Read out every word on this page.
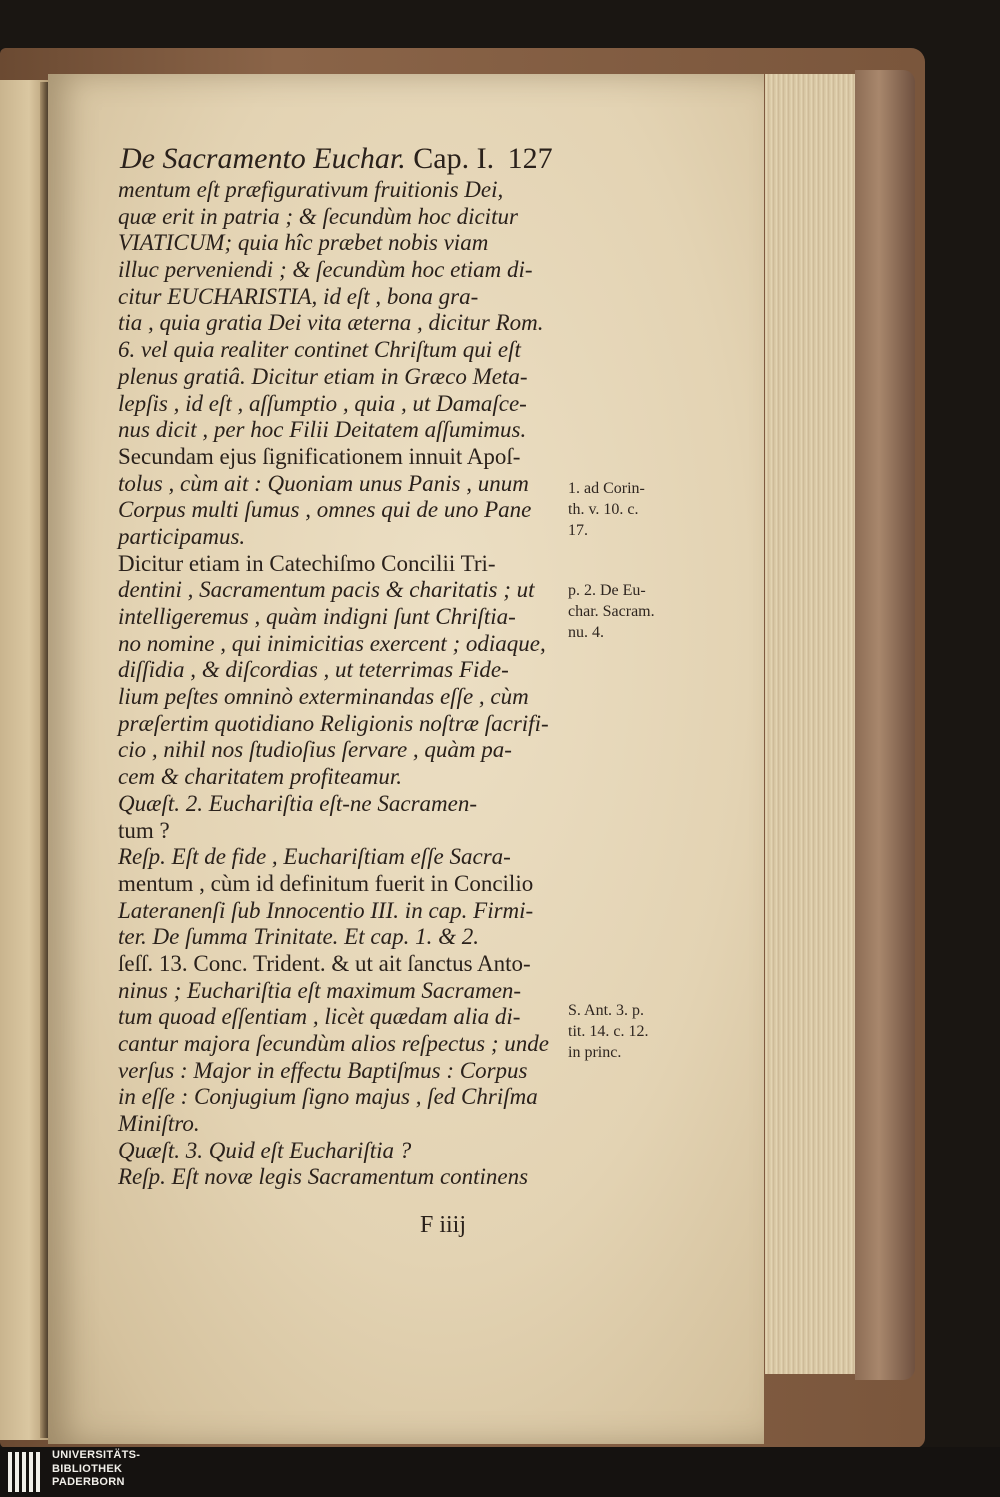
De Sacramento Euchar. Cap. I. 127
mentum eſt præfigurativum fruitionis Dei,
quæ erit in patria ; & ſecundùm hoc dicitur
VIATICUM; quia hîc præbet nobis viam
illuc perveniendi ; & ſecundùm hoc etiam di-
citur EUCHARISTIA, id eſt , bona gra-
tia , quia gratia Dei vita æterna , dicitur Rom.
6. vel quia realiter continet Chriſtum qui eſt
plenus gratiâ. Dicitur etiam in Græco Meta-
lepſis , id eſt , aſſumptio , quia , ut Damaſce-
nus dicit , per hoc Filii Deitatem aſſumimus.
Secundam ejus ſignificationem innuit Apoſ-
tolus , cùm ait : Quoniam unus Panis , unum
Corpus multi ſumus , omnes qui de uno Pane
participamus.
Dicitur etiam in Catechiſmo Concilii Tri-
dentini , Sacramentum pacis & charitatis ; ut
intelligeremus , quàm indigni ſunt Chriſtia-
no nomine , qui inimicitias exercent ; odiaque,
diſſidia , & diſcordias , ut teterrimas Fide-
lium peſtes omninò exterminandas eſſe , cùm
præſertim quotidiano Religionis noſtræ ſacrifi-
cio , nihil nos ſtudioſius ſervare , quàm pa-
cem & charitatem profiteamur.
Quæſt. 2. Euchariſtia eſt-ne Sacramen-
tum ?
Reſp. Eſt de fide , Euchariſtiam eſſe Sacra-
mentum , cùm id definitum fuerit in Concilio
Lateranenſi ſub Innocentio III. in cap. Firmi-
ter. De ſumma Trinitate. Et cap. 1. & 2.
ſeſſ. 13. Conc. Trident. & ut ait ſanctus Anto-
ninus ; Euchariſtia eſt maximum Sacramen-
tum quoad eſſentiam , licèt quædam alia di-
cantur majora ſecundùm alios reſpectus ; unde
verſus : Major in effectu Baptiſmus : Corpus
in eſſe : Conjugium ſigno majus , ſed Chriſma
Miniſtro.
Quæſt. 3. Quid eſt Euchariſtia ?
Reſp. Eſt novæ legis Sacramentum continens
1. ad Corin-
th. v. 10. c.
17.
p. 2. De Eu-
char. Sacram.
nu. 4.
S. Ant. 3. p.
tit. 14. c. 12.
in princ.
F iiij
UNIVERSITÄTS-
BIBLIOTHEK
PADERBORN
